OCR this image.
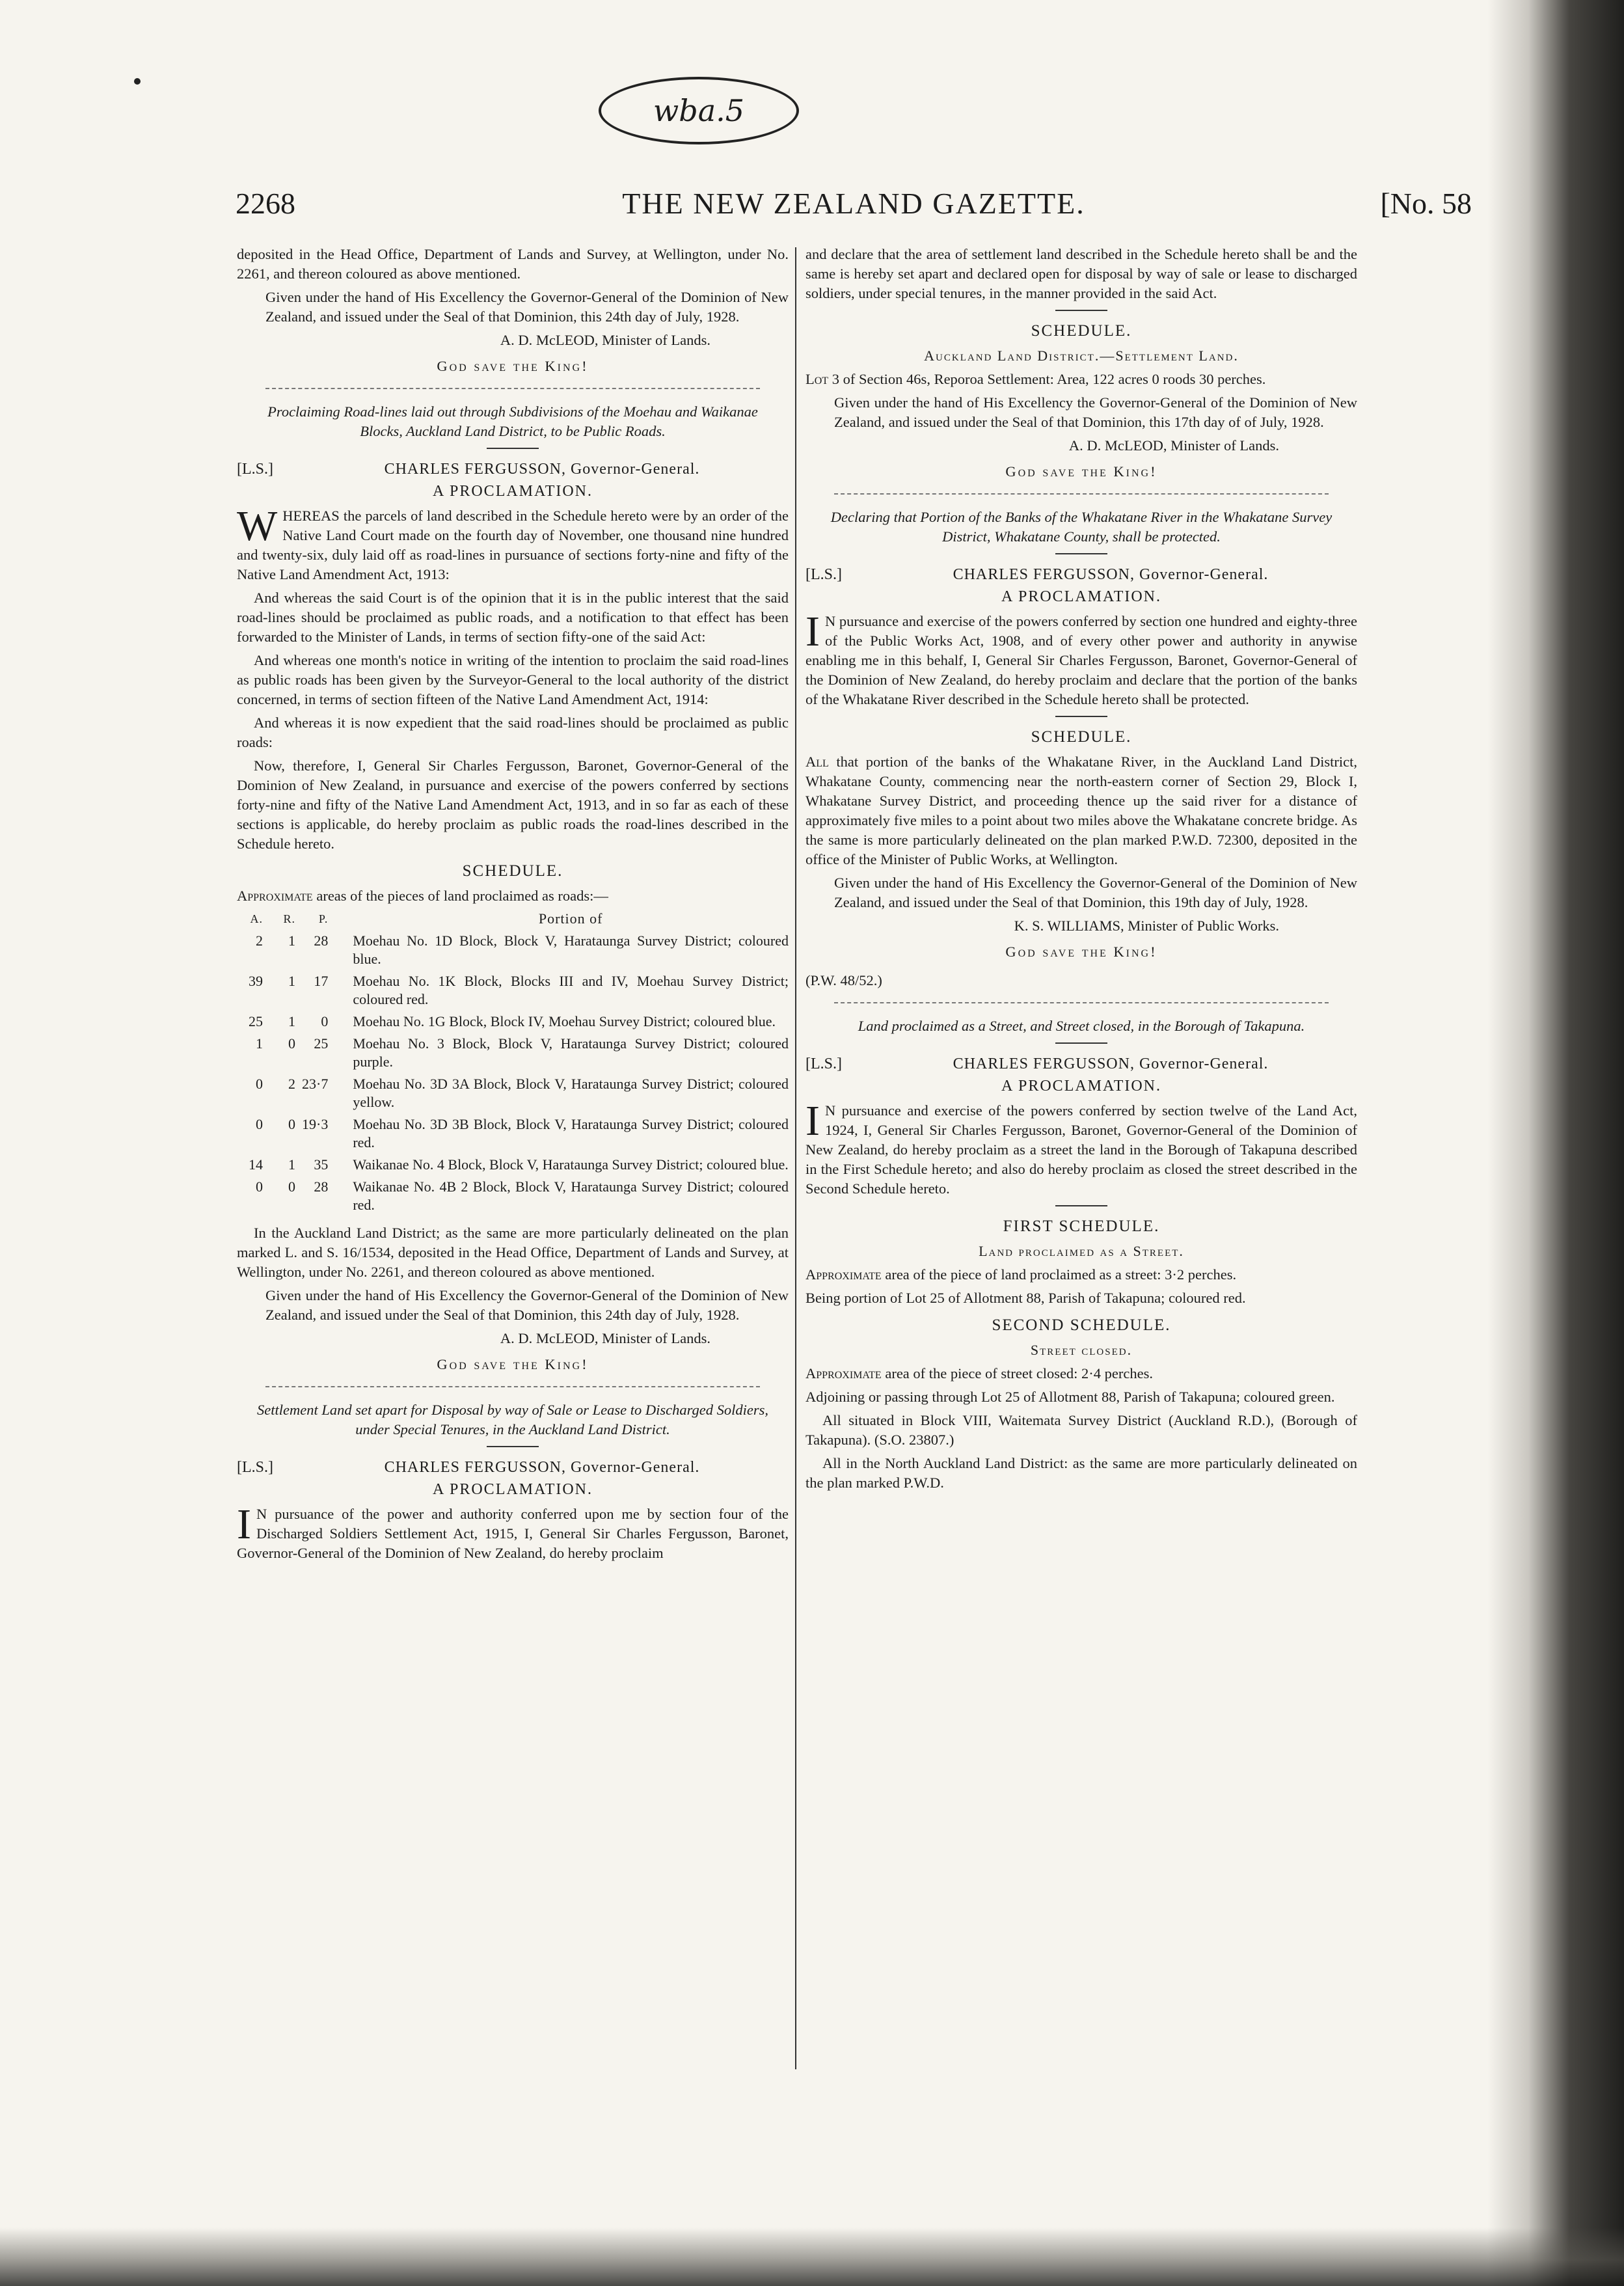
wba.5
2268	THE NEW ZEALAND GAZETTE.	[No. 58

deposited in the Head Office, Department of Lands and Survey, at Wellington, under No. 2261, and thereon coloured as above mentioned.

Given under the hand of His Excellency the Governor-General of the Dominion of New Zealand, and issued under the Seal of that Dominion, this 24th day of July, 1928.

A. D. McLEOD, Minister of Lands.

God save the King!

Proclaiming Road-lines laid out through Subdivisions of the Moehau and Waikanae Blocks, Auckland Land District, to be Public Roads.

[L.S.]	CHARLES FERGUSSON, Governor-General.

A PROCLAMATION.

WHEREAS the parcels of land described in the Schedule hereto were by an order of the Native Land Court made on the fourth day of November, one thousand nine hundred and twenty-six, duly laid off as road-lines in pursuance of sections forty-nine and fifty of the Native Land Amendment Act, 1913:

And whereas the said Court is of the opinion that it is in the public interest that the said road-lines should be proclaimed as public roads, and a notification to that effect has been forwarded to the Minister of Lands, in terms of section fifty-one of the said Act:

And whereas one month's notice in writing of the intention to proclaim the said road-lines as public roads has been given by the Surveyor-General to the local authority of the district concerned, in terms of section fifteen of the Native Land Amendment Act, 1914:

And whereas it is now expedient that the said road-lines should be proclaimed as public roads:

Now, therefore, I, General Sir Charles Fergusson, Baronet, Governor-General of the Dominion of New Zealand, in pursuance and exercise of the powers conferred by sections forty-nine and fifty of the Native Land Amendment Act, 1913, and in so far as each of these sections is applicable, do hereby proclaim as public roads the road-lines described in the Schedule hereto.

SCHEDULE.

Approximate areas of the pieces of land proclaimed as roads:—

A.	R.	P.	Portion of
2	1	28	Moehau No. 1D Block, Block V, Harataunga Survey District; coloured blue.
39	1	17	Moehau No. 1K Block, Blocks III and IV, Moehau Survey District; coloured red.
25	1	0	Moehau No. 1G Block, Block IV, Moehau Survey District; coloured blue.
1	0	25	Moehau No. 3 Block, Block V, Harataunga Survey District; coloured purple.
0	2	23·7	Moehau No. 3D 3A Block, Block V, Harataunga Survey District; coloured yellow.
0	0	19·3	Moehau No. 3D 3B Block, Block V, Harataunga Survey District; coloured red.
14	1	35	Waikanae No. 4 Block, Block V, Harataunga Survey District; coloured blue.
0	0	28	Waikanae No. 4B 2 Block, Block V, Harataunga Survey District; coloured red.

In the Auckland Land District; as the same are more particularly delineated on the plan marked L. and S. 16/1534, deposited in the Head Office, Department of Lands and Survey, at Wellington, under No. 2261, and thereon coloured as above mentioned.

Given under the hand of His Excellency the Governor-General of the Dominion of New Zealand, and issued under the Seal of that Dominion, this 24th day of July, 1928.

A. D. McLEOD, Minister of Lands.

God save the King!

Settlement Land set apart for Disposal by way of Sale or Lease to Discharged Soldiers, under Special Tenures, in the Auckland Land District.

[L.S.]	CHARLES FERGUSSON, Governor-General.

A PROCLAMATION.

I N pursuance of the power and authority conferred upon me by section four of the Discharged Soldiers Settlement Act, 1915, I, General Sir Charles Fergusson, Baronet, Governor-General of the Dominion of New Zealand, do hereby proclaim

and declare that the area of settlement land described in the Schedule hereto shall be and the same is hereby set apart and declared open for disposal by way of sale or lease to discharged soldiers, under special tenures, in the manner provided in the said Act.

SCHEDULE.

Auckland Land District.—Settlement Land.

Lot 3 of Section 46s, Reporoa Settlement: Area, 122 acres 0 roods 30 perches.

Given under the hand of His Excellency the Governor-General of the Dominion of New Zealand, and issued under the Seal of that Dominion, this 17th day of of July, 1928.

A. D. McLEOD, Minister of Lands.

God save the King!

Declaring that Portion of the Banks of the Whakatane River in the Whakatane Survey District, Whakatane County, shall be protected.

[L.S.]	CHARLES FERGUSSON, Governor-General.

A PROCLAMATION.

I N pursuance and exercise of the powers conferred by section one hundred and eighty-three of the Public Works Act, 1908, and of every other power and authority in anywise enabling me in this behalf, I, General Sir Charles Fergusson, Baronet, Governor-General of the Dominion of New Zealand, do hereby proclaim and declare that the portion of the banks of the Whakatane River described in the Schedule hereto shall be protected.

SCHEDULE.

All that portion of the banks of the Whakatane River, in the Auckland Land District, Whakatane County, commencing near the north-eastern corner of Section 29, Block I, Whakatane Survey District, and proceeding thence up the said river for a distance of approximately five miles to a point about two miles above the Whakatane concrete bridge. As the same is more particularly delineated on the plan marked P.W.D. 72300, deposited in the office of the Minister of Public Works, at Wellington.

Given under the hand of His Excellency the Governor-General of the Dominion of New Zealand, and issued under the Seal of that Dominion, this 19th day of July, 1928.

K. S. WILLIAMS, Minister of Public Works.

God save the King!

(P.W. 48/52.)

Land proclaimed as a Street, and Street closed, in the Borough of Takapuna.

[L.S.]	CHARLES FERGUSSON, Governor-General.

A PROCLAMATION.

I N pursuance and exercise of the powers conferred by section twelve of the Land Act, 1924, I, General Sir Charles Fergusson, Baronet, Governor-General of the Dominion of New Zealand, do hereby proclaim as a street the land in the Borough of Takapuna described in the First Schedule hereto; and also do hereby proclaim as closed the street described in the Second Schedule hereto.

FIRST SCHEDULE.

Land proclaimed as a Street.

Approximate area of the piece of land proclaimed as a street: 3·2 perches.

Being portion of Lot 25 of Allotment 88, Parish of Takapuna; coloured red.

SECOND SCHEDULE.

Street closed.

Approximate area of the piece of street closed: 2·4 perches.

Adjoining or passing through Lot 25 of Allotment 88, Parish of Takapuna; coloured green.

All situated in Block VIII, Waitemata Survey District (Auckland R.D.), (Borough of Takapuna). (S.O. 23807.)

All in the North Auckland Land District: as the same are more particularly delineated on the plan marked P.W.D.
